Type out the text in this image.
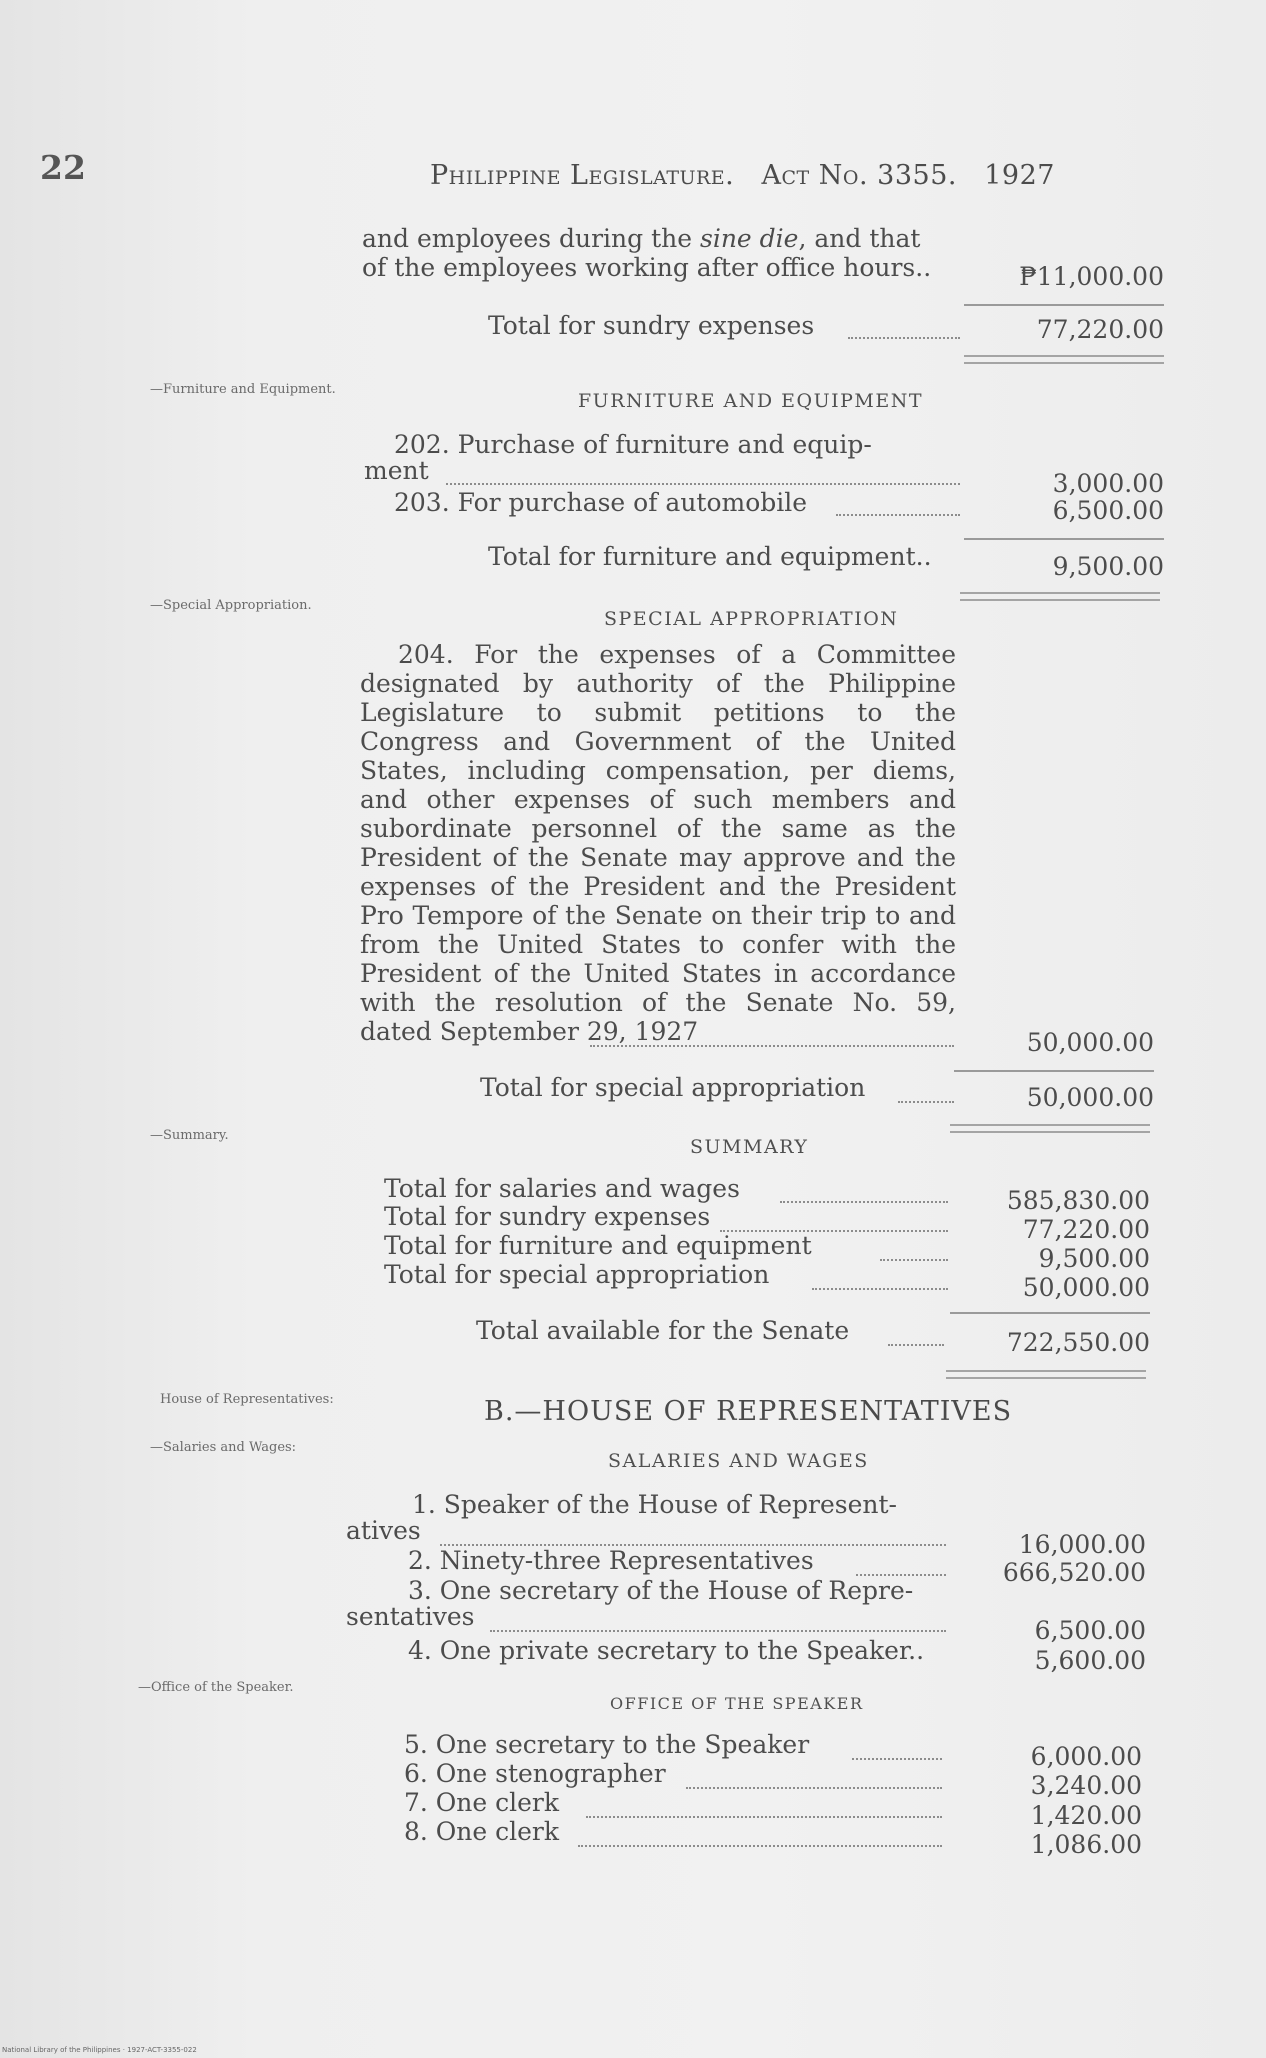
22	Philippine Legislature. Act No. 3355. 1927
and employees during the sine die, and that
of the employees working after office hours..	₱11,000.00
Total for sundry expenses	77,220.00
—Furniture and Equipment.
FURNITURE AND EQUIPMENT
202. Purchase of furniture and equip-
ment	3,000.00
203. For purchase of automobile	6,500.00
Total for furniture and equipment..	9,500.00
—Special Appropriation.
SPECIAL APPROPRIATION
204. For the expenses of a Committee designated by authority of the Philippine Legislature to submit petitions to the Congress and Government of the United States, including compensation, per diems, and other expenses of such members and subordinate personnel of the same as the President of the Senate may approve and the expenses of the President and the President Pro Tempore of the Senate on their trip to and from the United States to confer with the President of the United States in accordance with the resolution of the Senate No. 59, dated September 29, 1927	50,000.00
Total for special appropriation	50,000.00
—Summary.
SUMMARY
Total for salaries and wages	585,830.00
Total for sundry expenses	77,220.00
Total for furniture and equipment	9,500.00
Total for special appropriation	50,000.00
Total available for the Senate	722,550.00
House of Representatives:	B.—HOUSE OF REPRESENTATIVES
—Salaries and Wages:
SALARIES AND WAGES
1. Speaker of the House of Represent-
atives	16,000.00
2. Ninety-three Representatives	666,520.00
3. One secretary of the House of Repre-
sentatives	6,500.00
4. One private secretary to the Speaker..	5,600.00
—Office of the Speaker.
OFFICE OF THE SPEAKER
5. One secretary to the Speaker	6,000.00
6. One stenographer	3,240.00
7. One clerk	1,420.00
8. One clerk	1,086.00
National Library of the Philippines · 1927-ACT-3355-022
